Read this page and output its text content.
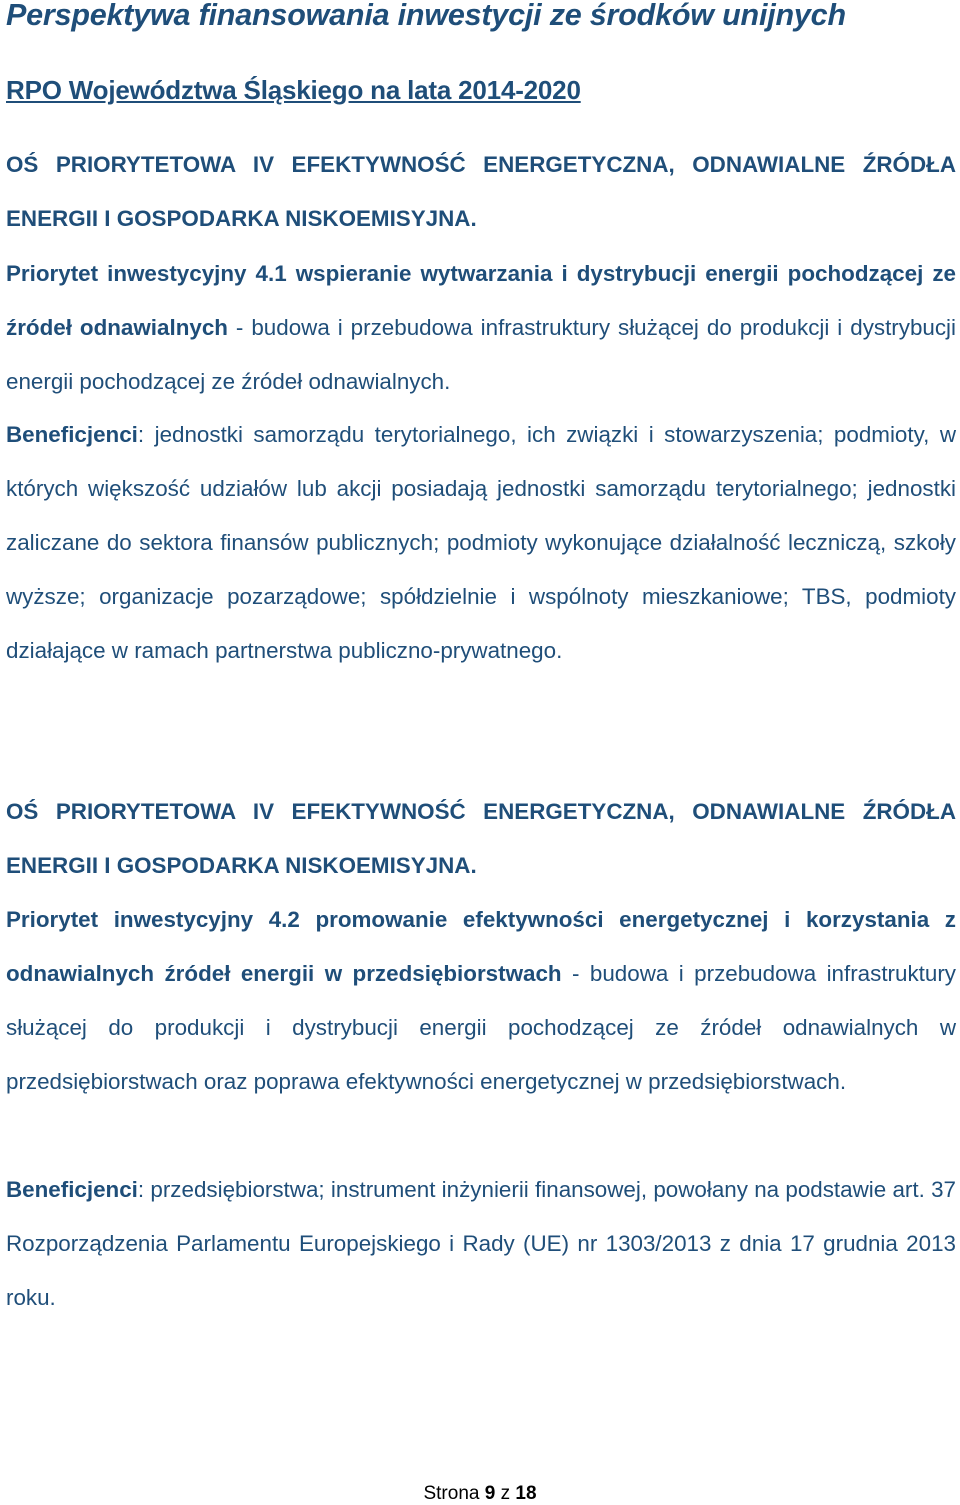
Perspektywa finansowania inwestycji ze środków unijnych
RPO Województwa Śląskiego na lata 2014-2020

OŚ PRIORYTETOWA IV EFEKTYWNOŚĆ ENERGETYCZNA, ODNAWIALNE ŹRÓDŁA ENERGII I GOSPODARKA NISKOEMISYJNA.

Priorytet inwestycyjny 4.1 wspieranie wytwarzania i dystrybucji energii pochodzącej ze źródeł odnawialnych - budowa i przebudowa infrastruktury służącej do produkcji i dystrybucji energii pochodzącej ze źródeł odnawialnych.

Beneficjenci: jednostki samorządu terytorialnego, ich związki i stowarzyszenia; podmioty, w których większość udziałów lub akcji posiadają jednostki samorządu terytorialnego; jednostki zaliczane do sektora finansów publicznych; podmioty wykonujące działalność leczniczą, szkoły wyższe; organizacje pozarządowe; spółdzielnie i wspólnoty mieszkaniowe; TBS, podmioty działające w ramach partnerstwa publiczno-prywatnego.

OŚ PRIORYTETOWA IV EFEKTYWNOŚĆ ENERGETYCZNA, ODNAWIALNE ŹRÓDŁA ENERGII I GOSPODARKA NISKOEMISYJNA.

Priorytet inwestycyjny 4.2 promowanie efektywności energetycznej i korzystania z odnawialnych źródeł energii w przedsiębiorstwach - budowa i przebudowa infrastruktury służącej do produkcji i dystrybucji energii pochodzącej ze źródeł odnawialnych w przedsiębiorstwach oraz poprawa efektywności energetycznej w przedsiębiorstwach.

Beneficjenci: przedsiębiorstwa; instrument inżynierii finansowej, powołany na podstawie art. 37 Rozporządzenia Parlamentu Europejskiego i Rady (UE) nr 1303/2013 z dnia 17 grudnia 2013 roku.

Strona 9 z 18
